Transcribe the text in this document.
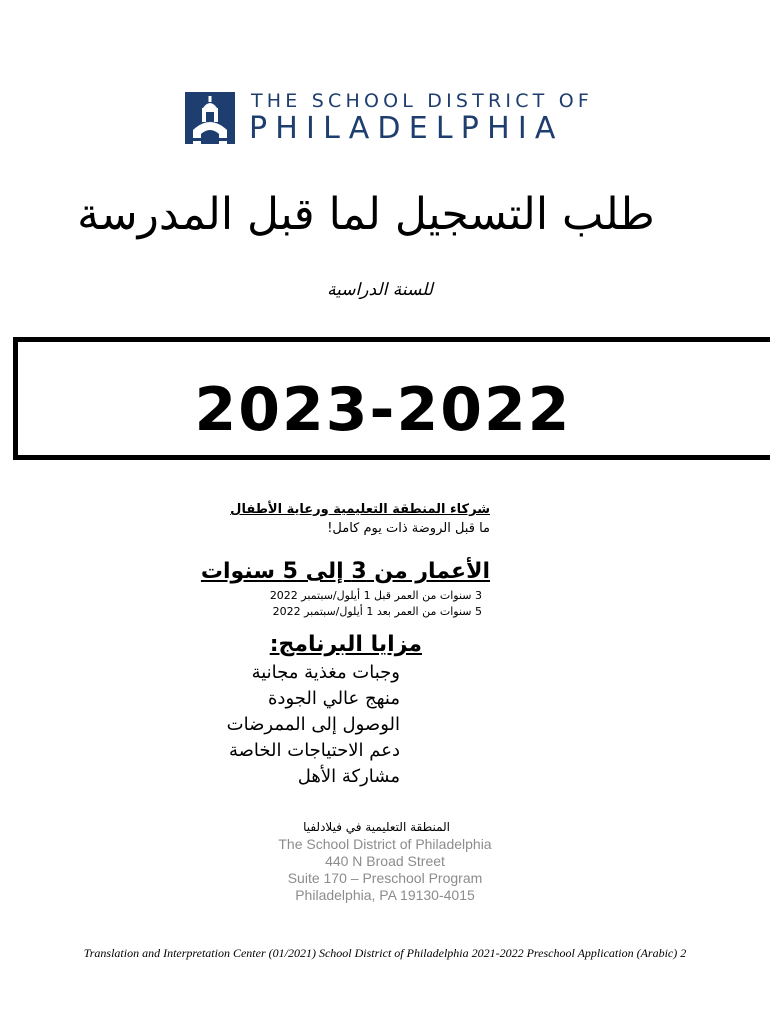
THE SCHOOL DISTRICT OF
PHILADELPHIA
طلب التسجيل لما قبل المدرسة
للسنة الدراسية
2023-2022
شركاء المنطقة التعليمية ورعاية الأطفال
ما قبل الروضة ذات يوم كامل!
الأعمار من 3 إلى 5 سنوات
3 سنوات من العمر قبل 1 أيلول/سبتمبر 2022
5 سنوات من العمر بعد 1 أيلول/سبتمبر 2022
مزايا البرنامج:
وجبات مغذية مجانية
منهج عالي الجودة
الوصول إلى الممرضات
دعم الاحتياجات الخاصة
مشاركة الأهل
المنطقة التعليمية في فيلادلفيا
The School District of Philadelphia
440 N Broad Street
Suite 170 – Preschool Program
Philadelphia, PA 19130-4015
Translation and Interpretation Center (01/2021) School District of Philadelphia 2021-2022 Preschool Application (Arabic) 2
